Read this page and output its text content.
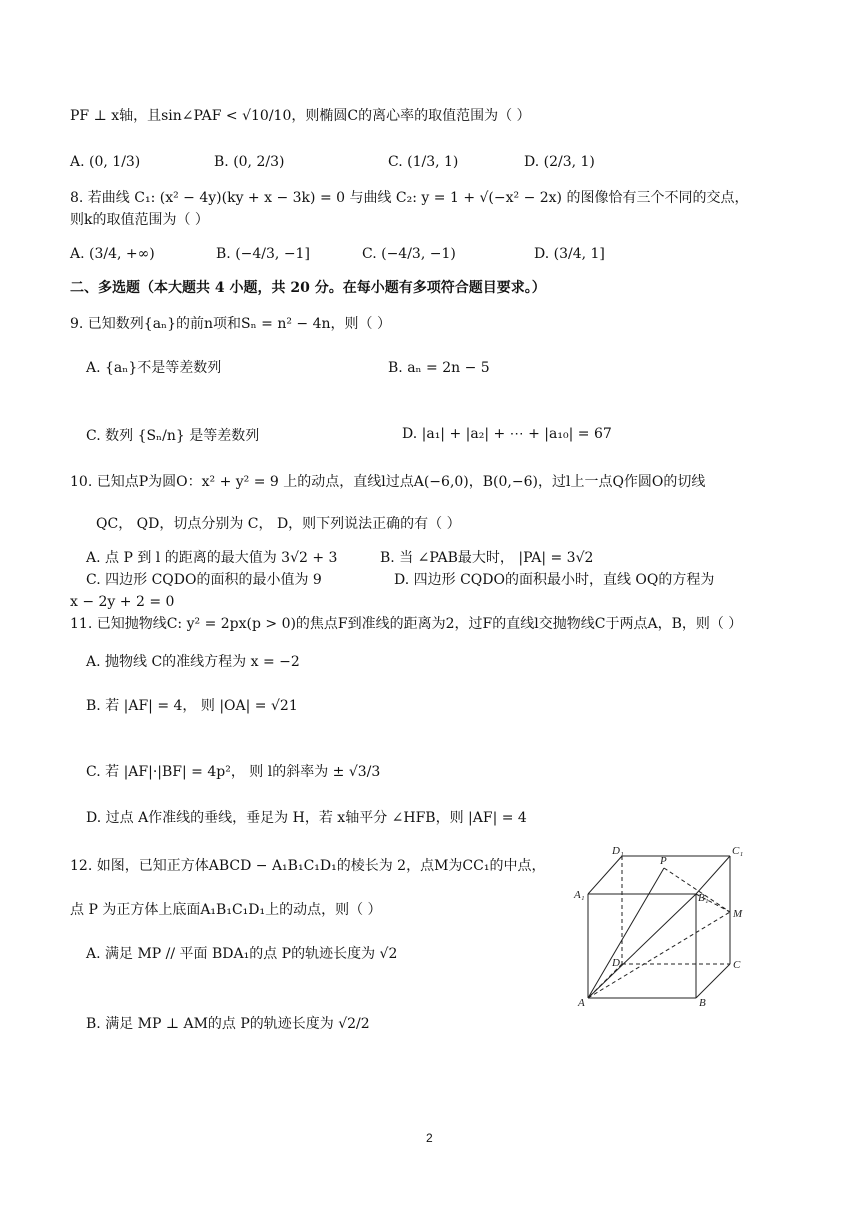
PF ⊥ x轴，且sin∠PAF < √10/10，则椭圆C的离心率的取值范围为（ ）
A. (0, 1/3)	B. (0, 2/3)	C. (1/3, 1)	D. (2/3, 1)
8. 若曲线 C₁: (x² − 4y)(ky + x − 3k) = 0 与曲线 C₂: y = 1 + √(−x² − 2x) 的图像恰有三个不同的交点，
则k的取值范围为（ ）
A. (3/4, +∞)	B. (−4/3, −1]	C. (−4/3, −1)	D. (3/4, 1]
二、多选题（本大题共 4 小题，共 20 分。在每小题有多项符合题目要求。）
9. 已知数列{aₙ}的前n项和Sₙ = n² − 4n，则（ ）
A. {aₙ}不是等差数列	B. aₙ = 2n − 5
C. 数列 {Sₙ/n} 是等差数列	D. |a₁| + |a₂| + ⋯ + |a₁₀| = 67
10. 已知点P为圆O：x² + y² = 9 上的动点，直线l过点A(−6,0)，B(0,−6)，过l上一点Q作圆O的切线
QC， QD，切点分别为 C， D，则下列说法正确的有（ ）
A. 点 P 到 l 的距离的最大值为 3√2 + 3	B. 当 ∠PAB最大时， |PA| = 3√2
C. 四边形 CQDO的面积的最小值为 9	D. 四边形 CQDO的面积最小时，直线 OQ的方程为
x − 2y + 2 = 0
11. 已知抛物线C: y² = 2px(p > 0)的焦点F到准线的距离为2，过F的直线l交抛物线C于两点A，B，则（ ）
A. 抛物线 C的准线方程为 x = −2
B. 若 |AF| = 4， 则 |OA| = √21
C. 若 |AF|·|BF| = 4p²， 则 l的斜率为 ± √3/3
D. 过点 A作准线的垂线，垂足为 H，若 x轴平分 ∠HFB，则 |AF| = 4
12. 如图，已知正方体ABCD − A₁B₁C₁D₁的棱长为 2，点M为CC₁的中点，
点 P 为正方体上底面A₁B₁C₁D₁上的动点，则（ ）
A. 满足 MP // 平面 BDA₁的点 P的轨迹长度为 √2
B. 满足 MP ⊥ AM的点 P的轨迹长度为 √2/2
D₁	C₁
P
A₁	B₁
M
D	C
A	B
2
